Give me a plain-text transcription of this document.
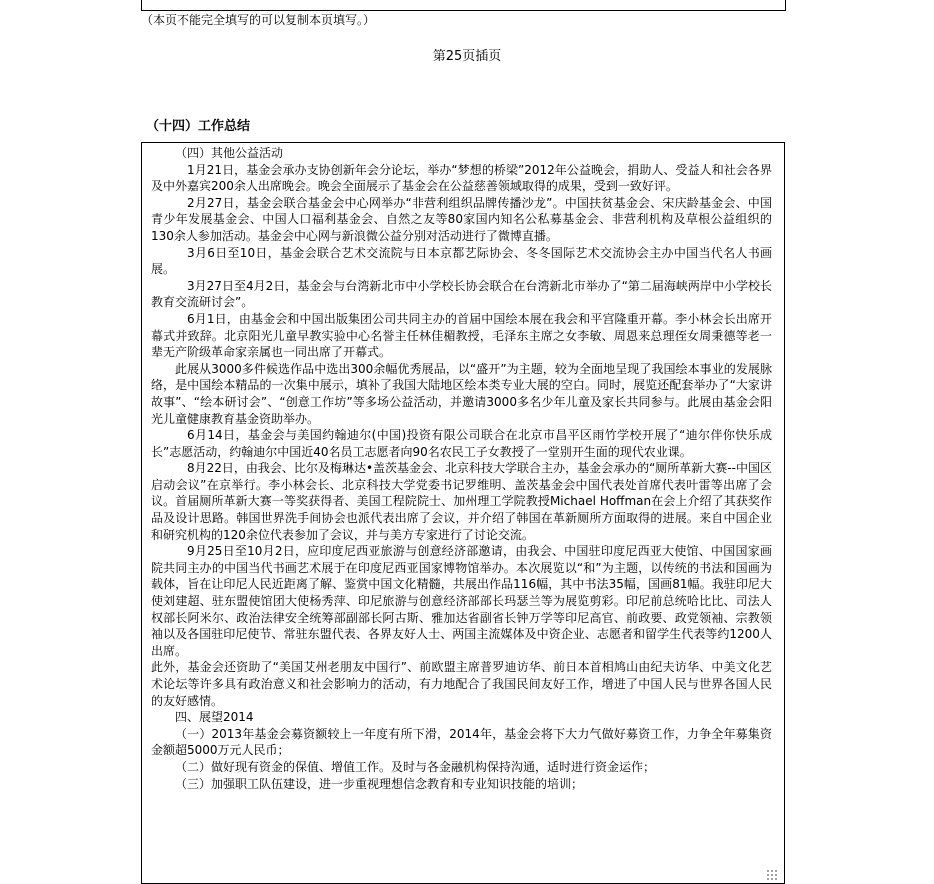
（本页不能完全填写的可以复制本页填写。）
第25页插页
（十四）工作总结

（四）其他公益活动

1月21日，基金会承办支协创新年会分论坛，举办“梦想的桥梁”2012年公益晚会，捐助人、受益人和社会各界及中外嘉宾200余人出席晚会。晚会全面展示了基金会在公益慈善领域取得的成果，受到一致好评。

2月27日，基金会联合基金会中心网举办“非营利组织品牌传播沙龙”。中国扶贫基金会、宋庆龄基金会、中国青少年发展基金会、中国人口福利基金会、自然之友等80家国内知名公私募基金会、非营利机构及草根公益组织的130余人参加活动。基金会中心网与新浪微公益分别对活动进行了微博直播。

3月6日至10日，基金会联合艺术交流院与日本京都艺际协会、冬冬国际艺术交流协会主办中国当代名人书画展。

3月27日至4月2日，基金会与台湾新北市中小学校长协会联合在台湾新北市举办了“第二届海峡两岸中小学校长教育交流研讨会”。

6月1日，由基金会和中国出版集团公司共同主办的首届中国绘本展在我会和平宫隆重开幕。李小林会长出席开幕式并致辞。北京阳光儿童早教实验中心名誉主任林佳楣教授，毛泽东主席之女李敏、周恩来总理侄女周秉德等老一辈无产阶级革命家亲属也一同出席了开幕式。

此展从3000多件候选作品中选出300余幅优秀展品，以“盛开”为主题，较为全面地呈现了我国绘本事业的发展脉络，是中国绘本精品的一次集中展示，填补了我国大陆地区绘本类专业大展的空白。同时，展览还配套举办了“大家讲故事”、“绘本研讨会”、“创意工作坊”等多场公益活动，并邀请3000多名少年儿童及家长共同参与。此展由基金会阳光儿童健康教育基金资助举办。

6月14日，基金会与美国约翰迪尔(中国)投资有限公司联合在北京市昌平区雨竹学校开展了“迪尔伴你快乐成长”志愿活动，约翰迪尔中国近40名员工志愿者向90名农民工子女教授了一堂别开生面的现代农业课。

8月22日，由我会、比尔及梅琳达•盖茨基金会、北京科技大学联合主办，基金会承办的“厕所革新大赛--中国区启动会议”在京举行。李小林会长、北京科技大学党委书记罗维明、盖茨基金会中国代表处首席代表叶雷等出席了会议。首届厕所革新大赛一等奖获得者、美国工程院院士、加州理工学院教授Michael Hoffman在会上介绍了其获奖作品及设计思路。韩国世界洗手间协会也派代表出席了会议，并介绍了韩国在革新厕所方面取得的进展。来自中国企业和研究机构的120余位代表参加了会议，并与美方专家进行了讨论交流。

9月25日至10月2日，应印度尼西亚旅游与创意经济部邀请，由我会、中国驻印度尼西亚大使馆、中国国家画院共同主办的中国当代书画艺术展于在印度尼西亚国家博物馆举办。本次展览以“和”为主题，以传统的书法和国画为载体，旨在让印尼人民近距离了解、鉴赏中国文化精髓，共展出作品116幅，其中书法35幅，国画81幅。我驻印尼大使刘建超、驻东盟使馆团大使杨秀萍、印尼旅游与创意经济部部长玛瑟兰等为展览剪彩。印尼前总统哈比比、司法人权部长阿米尔、政治法律安全统筹部副部长阿古斯、雅加达省副省长钟万学等印尼高官、前政要、政党领袖、宗教领袖以及各国驻印尼使节、常驻东盟代表、各界友好人士、两国主流媒体及中资企业、志愿者和留学生代表等约1200人出席。

此外，基金会还资助了“美国艾州老朋友中国行”、前欧盟主席普罗迪访华、前日本首相鸠山由纪夫访华、中美文化艺术论坛等许多具有政治意义和社会影响力的活动，有力地配合了我国民间友好工作，增进了中国人民与世界各国人民的友好感情。

四、展望2014

（一）2013年基金会募资额较上一年度有所下滑，2014年，基金会将下大力气做好募资工作，力争全年募集资金额超5000万元人民币；

（二）做好现有资金的保值、增值工作。及时与各金融机构保持沟通，适时进行资金运作；

（三）加强职工队伍建设，进一步重视理想信念教育和专业知识技能的培训；
